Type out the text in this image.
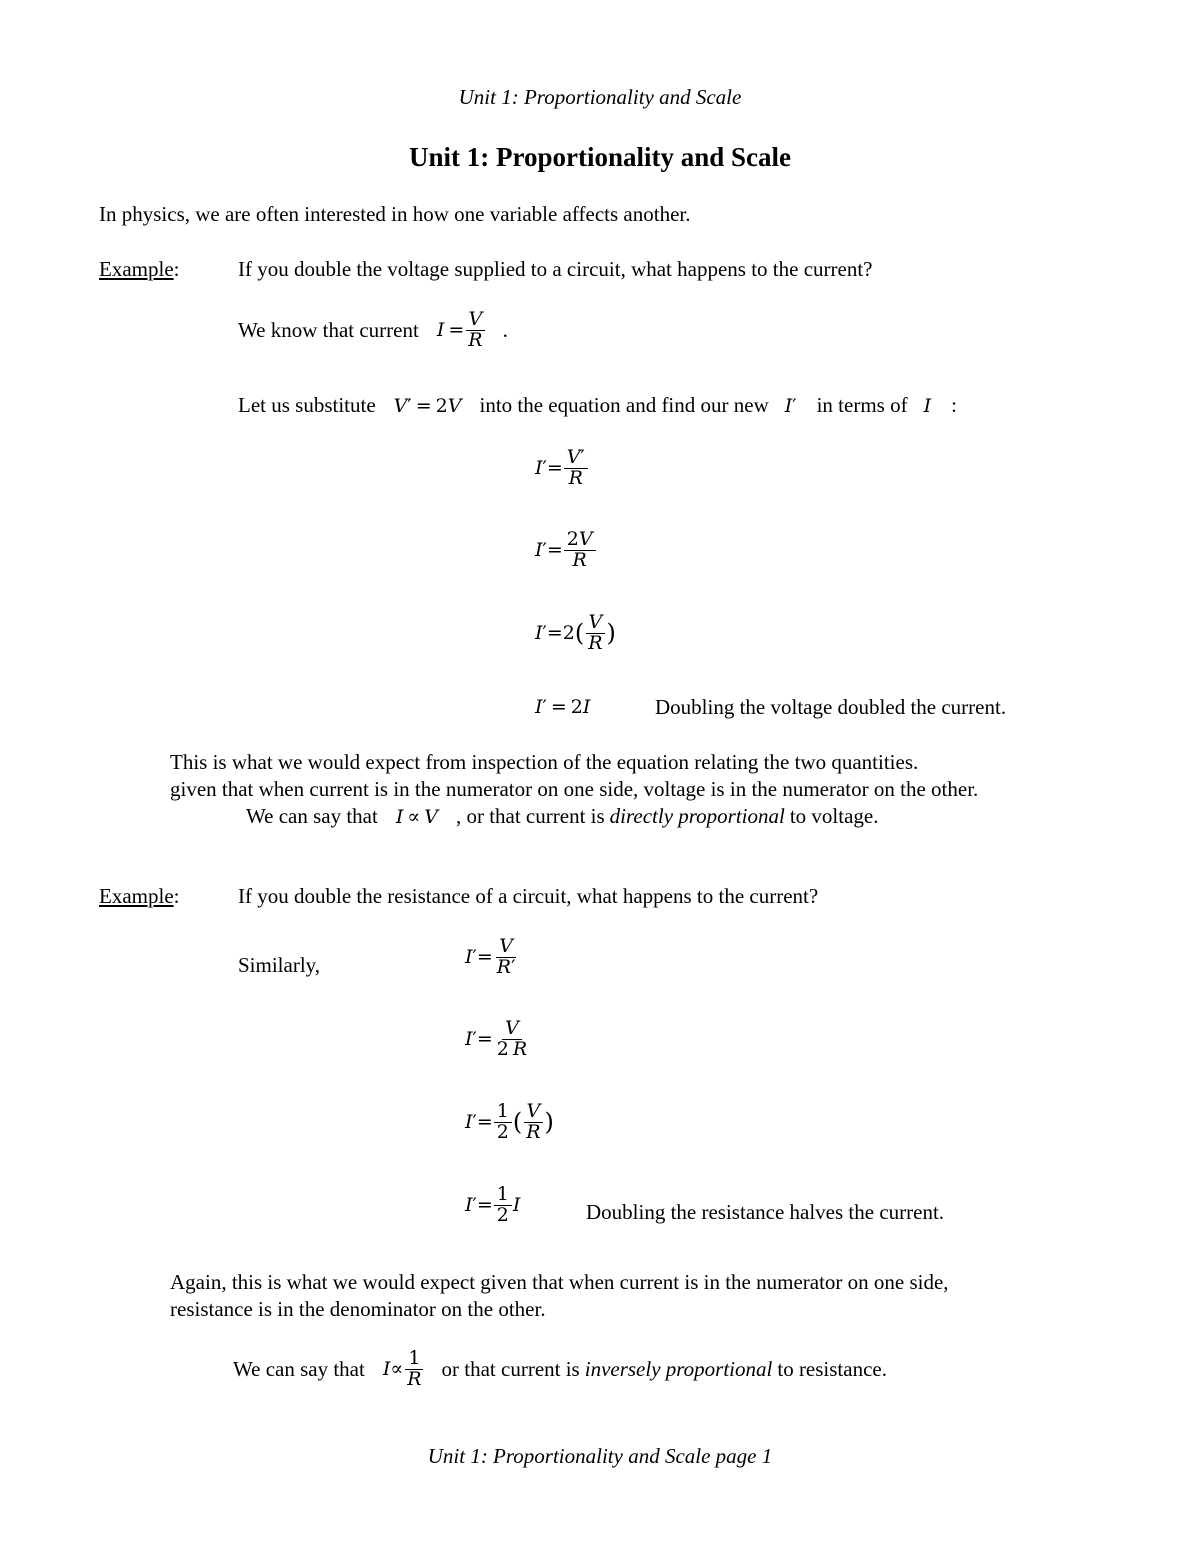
Unit 1: Proportionality and Scale
Unit 1: Proportionality and Scale
In physics, we are often interested in how one variable affects another.
Example:	If you double the voltage supplied to a circuit, what happens to the current?
We know that current $I = \frac{V}{R}$ .
Let us substitute V ′ = 2 V into the equation and find our new I ′ in terms of I :
I ′ = $\frac{V'}{R}$
I ′ = $\frac{2V}{R}$
I ′ = 2 ( $\frac{V}{R}$ )
I ′ = 2 I	Doubling the voltage doubled the current.
This is what we would expect from inspection of the equation relating the two quantities.
given that when current is in the numerator on one side, voltage is in the numerator on the other.
We can say that I ∝ V , or that current is directly proportional to voltage.
Example:	If you double the resistance of a circuit, what happens to the current?
Similarly,	I ′ = $\frac{V}{R'}$
I ′ = $\frac{V}{2 R}$
I ′ = $\frac{1}{2}$ ( $\frac{V}{R}$ )
I ′ = $\frac{1}{2}$ I	Doubling the resistance halves the current.
Again, this is what we would expect given that when current is in the numerator on one side,
resistance is in the denominator on the other.
We can say that $I \propto \frac{1}{R}$ or that current is inversely proportional to resistance.
Unit 1: Proportionality and Scale page 1
